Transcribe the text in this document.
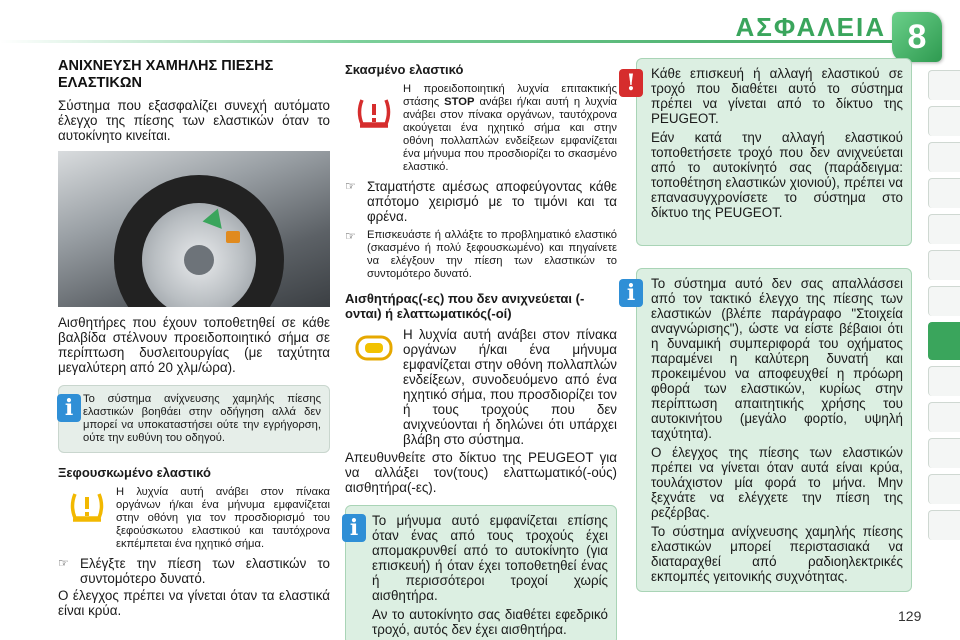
ΑΣΦΑΛΕΙΑ 8
ΑΝΙΧΝΕΥΣΗ ΧΑΜΗΛΗΣ ΠΙΕΣΗΣ ΕΛΑΣΤΙΚΩΝ

Σύστημα που εξασφαλίζει συνεχή αυτόματο έλεγχο της πίεσης των ελαστικών όταν το αυτοκίνητο κινείται.

Αισθητήρες που έχουν τοποθετηθεί σε κάθε βαλβίδα στέλνουν προειδοποιητικό σήμα σε περίπτωση δυσλειτουργίας (με ταχύτητα μεγαλύτερη από 20 χλμ/ώρα).

i Το σύστημα ανίχνευσης χαμηλής πίεσης ελαστικών βοηθάει στην οδήγηση αλλά δεν μπορεί να υποκαταστήσει ούτε την εγρήγορση, ούτε την ευθύνη του οδηγού.

Ξεφουσκωμένο ελαστικό

Η λυχνία αυτή ανάβει στον πίνακα οργάνων ή/και ένα μήνυμα εμφανίζεται στην οθόνη για τον προσδιορισμό του ξεφούσκωτου ελαστικού και ταυτόχρονα εκπέμπεται ένα ηχητικό σήμα.

☞ Ελέγξτε την πίεση των ελαστικών το συντομότερο δυνατό.

Ο έλεγχος πρέπει να γίνεται όταν τα ελαστικά είναι κρύα.

Σκασμένο ελαστικό

Η προειδοποιητική λυχνία επιτακτικής στάσης STOP ανάβει ή/και αυτή η λυχνία ανάβει στον πίνακα οργάνων, ταυτόχρονα ακούγεται ένα ηχητικό σήμα και στην οθόνη πολλαπλών ενδείξεων εμφανίζεται ένα μήνυμα που προσδιορίζει το σκασμένο ελαστικό.

☞ Σταματήστε αμέσως αποφεύγοντας κάθε απότομο χειρισμό με το τιμόνι και τα φρένα.

☞	Επισκευάστε ή αλλάξτε το προβληματικό ελαστικό (σκασμένο ή πολύ ξεφουσκωμένο) και πηγαίνετε να ελέγξουν την πίεση των ελαστικών το συντομότερο δυνατό.

Αισθητήρας(-ες) που δεν ανιχνεύεται (-ονται) ή ελαττωματικός(-οί)

Η λυχνία αυτή ανάβει στον πίνακα οργάνων ή/και ένα μήνυμα εμφανίζεται στην οθόνη πολλαπλών ενδείξεων, συνοδευόμενο από ένα ηχητικό σήμα, που προσδιορίζει τον ή τους τροχούς που δεν ανιχνεύονται ή δηλώνει ότι υπάρχει βλάβη στο σύστημα.

Απευθυνθείτε στο δίκτυο της PEUGEOT για να αλλάξει τον(τους) ελαττωματικό(-ούς) αισθητήρα(-ες).

i	Το μήνυμα αυτό εμφανίζεται επίσης όταν ένας από τους τροχούς έχει απομακρυνθεί από το αυτοκίνητο (για επισκευή) ή όταν έχει τοποθετηθεί ένας ή περισσότεροι τροχοί χωρίς αισθητήρα.

Αν το αυτοκίνητο σας διαθέτει εφεδρικό τροχό, αυτός δεν έχει αισθητήρα.

!	Κάθε επισκευή ή αλλαγή ελαστικού σε τροχό που διαθέτει αυτό το σύστημα πρέπει να γίνεται από το δίκτυο της PEUGEOT.

Εάν κατά την αλλαγή ελαστικού τοποθετήσετε τροχό που δεν ανιχνεύεται από το αυτοκίνητό σας (παράδειγμα: τοποθέτηση ελαστικών χιονιού), πρέπει να επανασυγχρονίσετε το σύστημα στο δίκτυο της PEUGEOT.

i	Το σύστημα αυτό δεν σας απαλλάσσει από τον τακτικό έλεγχο της πίεσης των ελαστικών (βλέπε παράγραφο "Στοιχεία αναγνώρισης"), ώστε να είστε βέβαιοι ότι η δυναμική συμπεριφορά του οχήματος παραμένει η καλύτερη δυνατή και προκειμένου να αποφευχθεί η πρόωρη φθορά των ελαστικών, κυρίως στην περίπτωση απαιτητικής χρήσης του αυτοκινήτου (μεγάλο φορτίο, υψηλή ταχύτητα).

Ο έλεγχος της πίεσης των ελαστικών πρέπει να γίνεται όταν αυτά είναι κρύα, τουλάχιστον μία φορά το μήνα. Μην ξεχνάτε να ελέγχετε την πίεση της ρεζέρβας.

Το σύστημα ανίχνευσης χαμηλής πίεσης ελαστικών μπορεί περιστασιακά να διαταραχθεί από ραδιοηλεκτρικές εκπομπές γειτονικής συχνότητας.

129
